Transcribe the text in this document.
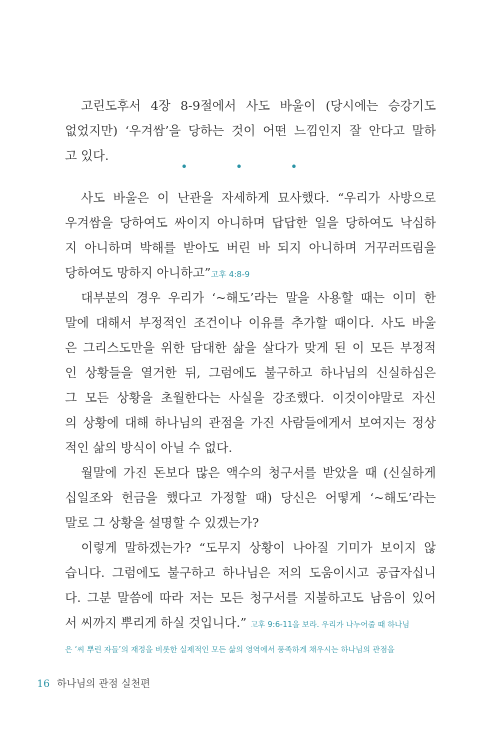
고린도후서 4장 8-9절에서 사도 바울이 (당시에는 승강기도
없었지만) ‘우겨쌈’을 당하는 것이 어떤 느낌인지 잘 안다고 말하
고 있다.

• • •

사도 바울은 이 난관을 자세하게 묘사했다. “우리가 사방으로
우겨쌈을 당하여도 싸이지 아니하며 답답한 일을 당하여도 낙심하
지 아니하며 박해를 받아도 버린 바 되지 아니하며 거꾸러뜨림을
당하여도 망하지 아니하고”고후 4:8-9

대부분의 경우 우리가 ‘~해도’라는 말을 사용할 때는 이미 한
말에 대해서 부정적인 조건이나 이유를 추가할 때이다. 사도 바울
은 그리스도만을 위한 담대한 삶을 살다가 맞게 된 이 모든 부정적
인 상황들을 열거한 뒤, 그럼에도 불구하고 하나님의 신실하심은
그 모든 상황을 초월한다는 사실을 강조했다. 이것이야말로 자신
의 상황에 대해 하나님의 관점을 가진 사람들에게서 보여지는 정상
적인 삶의 방식이 아닐 수 없다.

월말에 가진 돈보다 많은 액수의 청구서를 받았을 때 (신실하게
십일조와 헌금을 했다고 가정할 때) 당신은 어떻게 ‘~해도’라는
말로 그 상황을 설명할 수 있겠는가?

이렇게 말하겠는가? “도무지 상황이 나아질 기미가 보이지 않
습니다. 그럼에도 불구하고 하나님은 저의 도움이시고 공급자십니
다. 그분 말씀에 따라 저는 모든 청구서를 지불하고도 남음이 있어
서 씨까지 뿌리게 하실 것입니다.” 고후 9:6-11을 보라. 우리가 나누어줄 때 하나님
은 ‘씨 뿌린 자들’의 재정을 비롯한 실제적인 모든 삶의 영역에서 풍족하게 채우시는 하나님의 관점을

16 하나님의 관점 실천편
